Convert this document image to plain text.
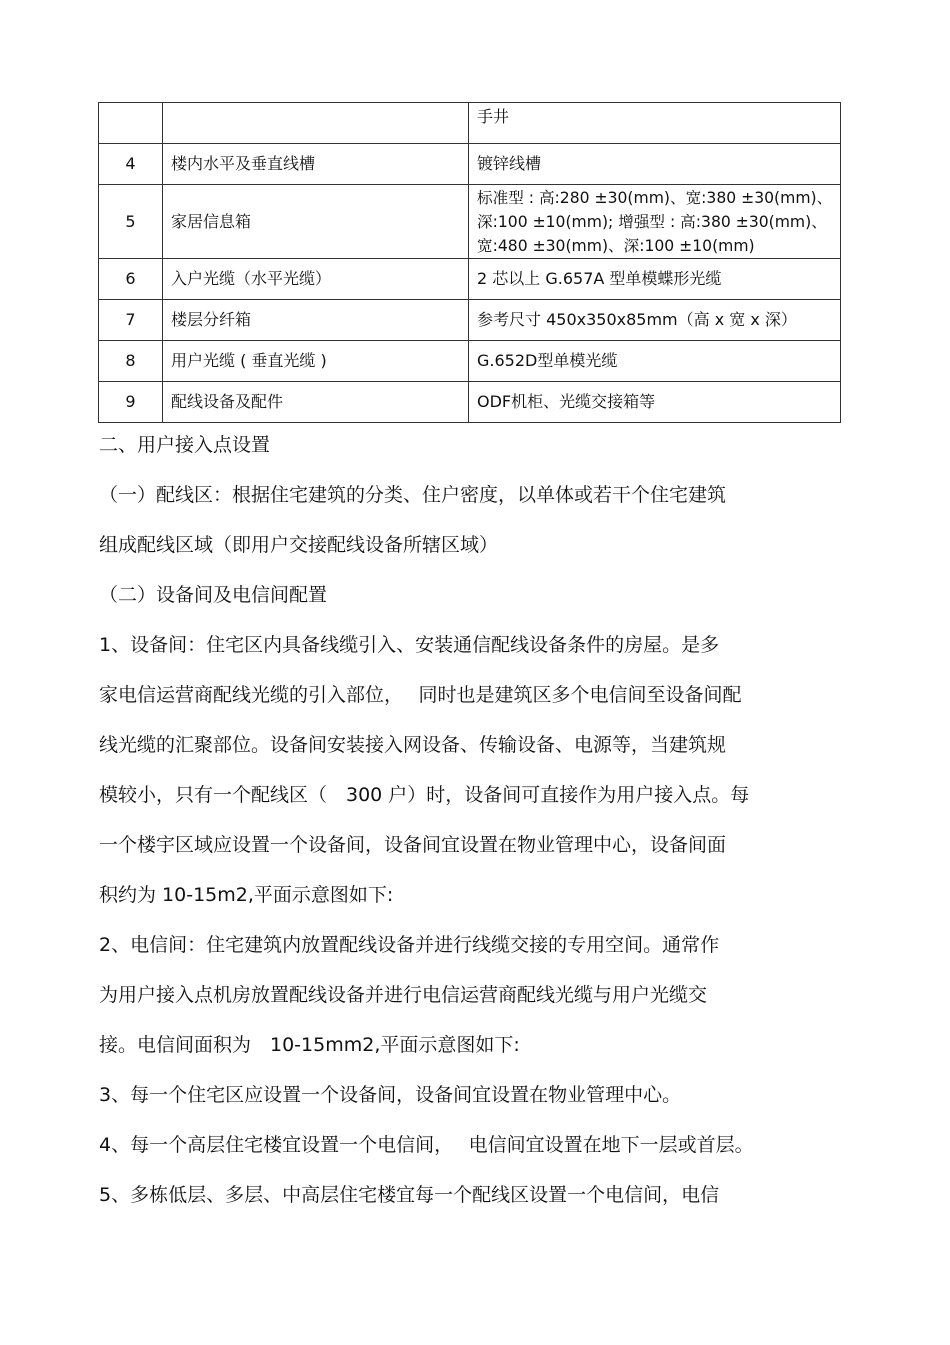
		手井
4	楼内水平及垂直线槽	镀锌线槽
5	家居信息箱	标准型 : 高:280 ±30(mm)、宽:380 ±30(mm)、深:100 ±10(mm); 增强型 : 高:380 ±30(mm)、宽:480 ±30(mm)、深:100 ±10(mm)
6	入户光缆（水平光缆）	2 芯以上 G.657A 型单模蝶形光缆
7	楼层分纤箱	参考尺寸 450x350x85mm（高 x 宽 x 深）
8	用户光缆 ( 垂直光缆 )	G.652D型单模光缆
9	配线设备及配件	ODF机柜、光缆交接箱等
二、用户接入点设置
（一）配线区：根据住宅建筑的分类、住户密度，以单体或若干个住宅建筑
组成配线区域（即用户交接配线设备所辖区域）
（二）设备间及电信间配置
1、设备间：住宅区内具备线缆引入、安装通信配线设备条件的房屋。是多
家电信运营商配线光缆的引入部位，　 同时也是建筑区多个电信间至设备间配
线光缆的汇聚部位。设备间安装接入网设备、传输设备、电源等，当建筑规
模较小，只有一个配线区（　300 户）时，设备间可直接作为用户接入点。每
一个楼宇区域应设置一个设备间，设备间宜设置在物业管理中心，设备间面
积约为 10-15m2,平面示意图如下:
2、电信间：住宅建筑内放置配线设备并进行线缆交接的专用空间。通常作
为用户接入点机房放置配线设备并进行电信运营商配线光缆与用户光缆交
接。电信间面积为　10-15mm2,平面示意图如下:
3、每一个住宅区应设置一个设备间，设备间宜设置在物业管理中心。
4、每一个高层住宅楼宜设置一个电信间，　 电信间宜设置在地下一层或首层。
5、多栋低层、多层、中高层住宅楼宜每一个配线区设置一个电信间，电信
